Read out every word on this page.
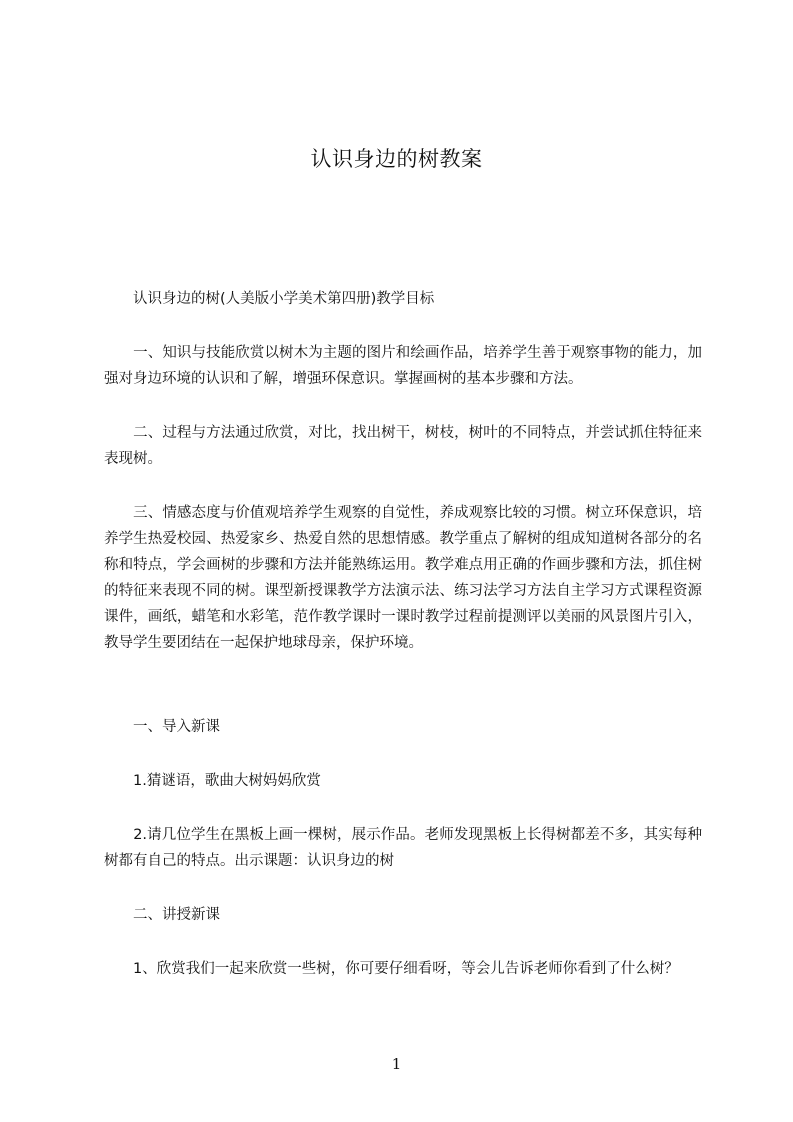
认识身边的树教案

　　认识身边的树(人美版小学美术第四册)教学目标

　　一、知识与技能欣赏以树木为主题的图片和绘画作品，培养学生善于观察事物的能力，加强对身边环境的认识和了解，增强环保意识。掌握画树的基本步骤和方法。

　　二、过程与方法通过欣赏，对比，找出树干，树枝，树叶的不同特点，并尝试抓住特征来表现树。

　　三、情感态度与价值观培养学生观察的自觉性，养成观察比较的习惯。树立环保意识，培养学生热爱校园、热爱家乡、热爱自然的思想情感。教学重点了解树的组成知道树各部分的名称和特点，学会画树的步骤和方法并能熟练运用。教学难点用正确的作画步骤和方法，抓住树的特征来表现不同的树。课型新授课教学方法演示法、练习法学习方法自主学习方式课程资源课件，画纸，蜡笔和水彩笔，范作教学课时一课时教学过程前提测评以美丽的风景图片引入，教导学生要团结在一起保护地球母亲，保护环境。

　　一、导入新课

　　1.猜谜语，歌曲大树妈妈欣赏

　　2.请几位学生在黑板上画一棵树，展示作品。老师发现黑板上长得树都差不多，其实每种树都有自己的特点。出示课题：认识身边的树

　　二、讲授新课

　　1、欣赏我们一起来欣赏一些树，你可要仔细看呀，等会儿告诉老师你看到了什么树？

1
